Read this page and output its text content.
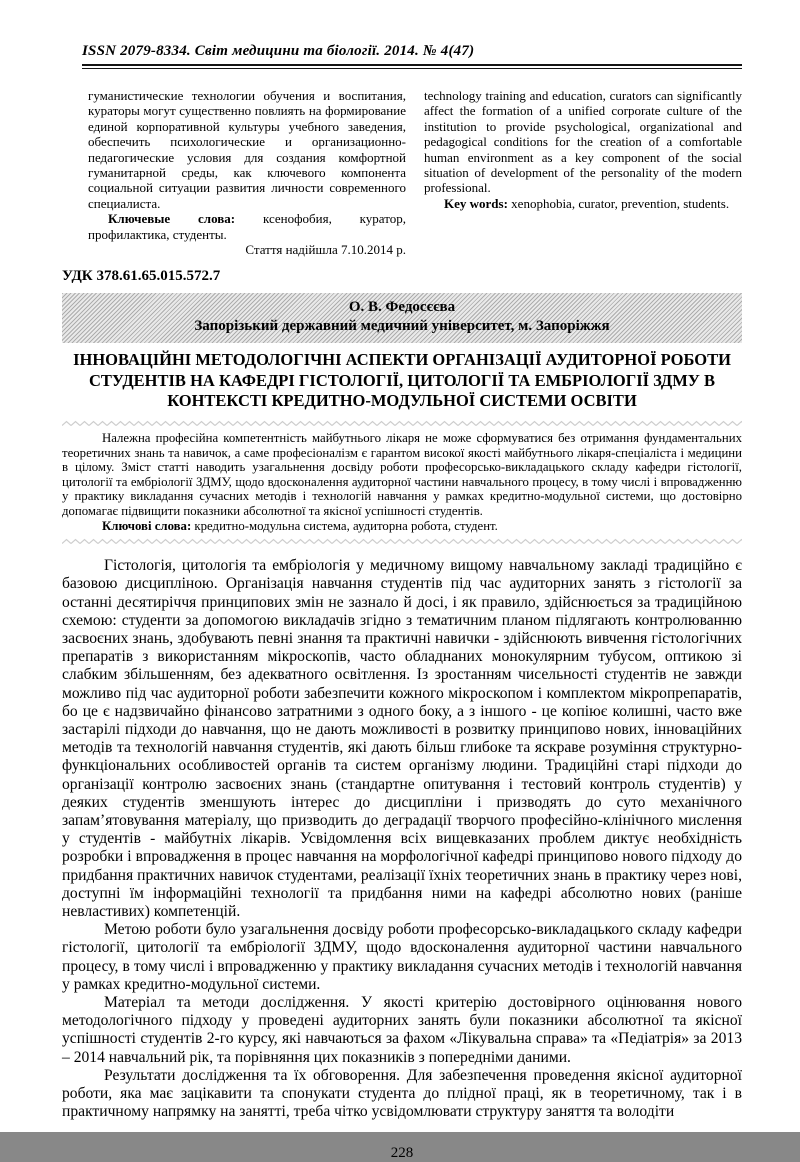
ISSN 2079-8334. Світ медицини та біології. 2014. № 4(47)

гуманистические технологии обучения и воспитания, кураторы могут существенно повлиять на формирование единой корпоративной культуры учебного заведения, обеспечить психологические и организационно-педагогические условия для создания комфортной гуманитарной среды, как ключевого компонента социальной ситуации развития личности современного специалиста.

Ключевые слова: ксенофобия, куратор, профилактика, студенты.

Стаття надійшла 7.10.2014 р.

technology training and education, curators can significantly affect the formation of a unified corporate culture of the institution to provide psychological, organizational and pedagogical conditions for the creation of a comfortable human environment as a key component of the social situation of development of the personality of the modern professional.

Key words: xenophobia, curator, prevention, students.

УДК 378.61.65.015.572.7
О. В. Федосєєва
Запорізький державний медичний університет, м. Запоріжжя
ІННОВАЦІЙНІ МЕТОДОЛОГІЧНІ АСПЕКТИ ОРГАНІЗАЦІЇ АУДИТОРНОЇ РОБОТИ СТУДЕНТІВ НА КАФЕДРІ ГІСТОЛОГІЇ, ЦИТОЛОГІЇ ТА ЕМБРІОЛОГІЇ ЗДМУ В КОНТЕКСТІ КРЕДИТНО-МОДУЛЬНОЇ СИСТЕМИ ОСВІТИ

Належна професійна компетентність майбутнього лікаря не може сформуватися без отримання фундаментальних теоретичних знань та навичок, а саме професіоналізм є гарантом високої якості майбутнього лікаря-спеціаліста і медицини в цілому. Зміст статті наводить узагальнення досвіду роботи професорсько-викладацького складу кафедри гістології, цитології та ембріології ЗДМУ, щодо вдосконалення аудиторної частини навчального процесу, в тому числі і впровадженню у практику викладання сучасних методів і технологій навчання у рамках кредитно-модульної системи, що достовірно допомагає підвищити показники абсолютної та якісної успішності студентів.

Ключові слова: кредитно-модульна система, аудиторна робота, студент.

Гістологія, цитологія та ембріологія у медичному вищому навчальному закладі традиційно є базовою дисципліною. Організація навчання студентів під час аудиторних занять з гістології за останні десятиріччя принципових змін не зазнало й досі, і як правило, здійснюється за традиційною схемою: студенти за допомогою викладачів згідно з тематичним планом підлягають контролюванню засвоєних знань, здобувають певні знання та практичні навички - здійснюють вивчення гістологічних препаратів з використанням мікроскопів, часто обладнаних монокулярним тубусом, оптикою зі слабким збільшенням, без адекватного освітлення. Із зростанням чисельності студентів не завжди можливо під час аудиторної роботи забезпечити кожного мікроскопом і комплектом мікропрепаратів, бо це є надзвичайно фінансово затратними з одного боку, а з іншого - це копіює колишні, часто вже застарілі підходи до навчання, що не дають можливості в розвитку принципово нових, інноваційних методів та технологій навчання студентів, які дають більш глибоке та яскраве розуміння структурно-функціональних особливостей органів та систем організму людини. Традиційні старі підходи до організації контролю засвоєних знань (стандартне опитування і тестовий контроль студентів) у деяких студентів зменшують інтерес до дисципліни і призводять до суто механічного запам’ятовування матеріалу, що призводить до деградації творчого професійно-клінічного мислення у студентів - майбутніх лікарів. Усвідомлення всіх вищевказаних проблем диктує необхідність розробки і впровадження в процес навчання на морфологічної кафедрі принципово нового підходу до придбання практичних навичок студентами, реалізації їхніх теоретичних знань в практику через нові, доступні їм інформаційні технології та придбання ними на кафедрі абсолютно нових (раніше невластивих) компетенцій.

Метою роботи було узагальнення досвіду роботи професорсько-викладацького складу кафедри гістології, цитології та ембріології ЗДМУ, щодо вдосконалення аудиторної частини навчального процесу, в тому числі і впровадженню у практику викладання сучасних методів і технологій навчання у рамках кредитно-модульної системи.

Матеріал та методи дослідження. У якості критерію достовірного оцінювання нового методологічного підходу у проведені аудиторних занять були показники абсолютної та якісної успішності студентів 2-го курсу, які навчаються за фахом «Лікувальна справа» та «Педіатрія» за 2013 – 2014 навчальний рік, та порівняння цих показників з попередніми даними.

Результати дослідження та їх обговорення. Для забезпечення проведення якісної аудиторної роботи, яка має зацікавити та спонукати студента до плідної праці, як в теоретичному, так і в практичному напрямку на занятті, треба чітко усвідомлювати структуру заняття та володіти

228
